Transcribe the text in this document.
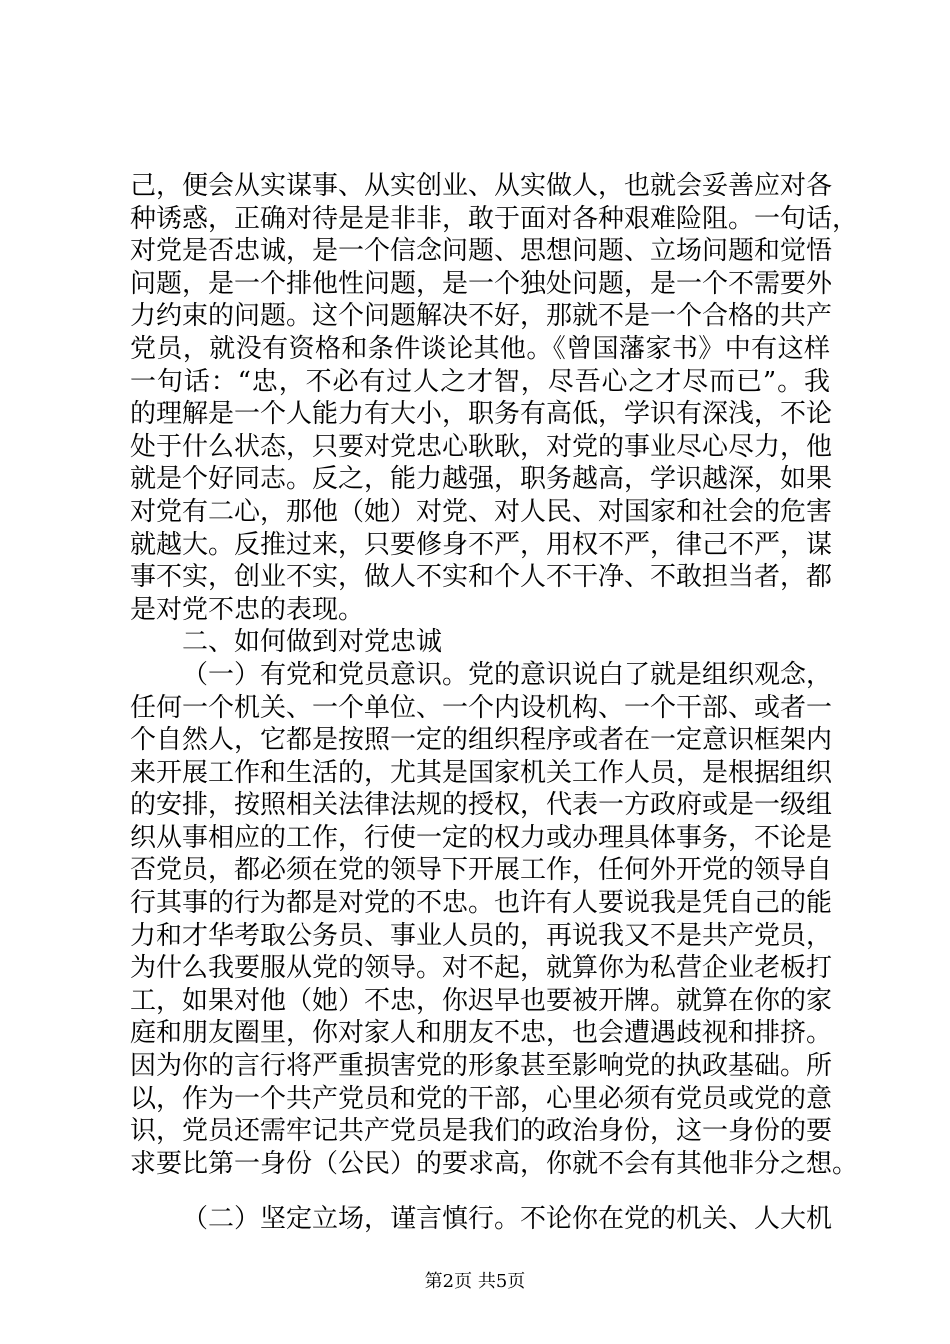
己，便会从实谋事、从实创业、从实做人，也就会妥善应对各
种诱惑，正确对待是是非非，敢于面对各种艰难险阻。一句话，
对党是否忠诚，是一个信念问题、思想问题、立场问题和觉悟
问题，是一个排他性问题，是一个独处问题，是一个不需要外
力约束的问题。这个问题解决不好，那就不是一个合格的共产
党员，就没有资格和条件谈论其他。《曾国藩家书》中有这样
一句话：“忠，不必有过人之才智，尽吾心之才尽而已”。我
的理解是一个人能力有大小，职务有高低，学识有深浅，不论
处于什么状态，只要对党忠心耿耿，对党的事业尽心尽力，他
就是个好同志。反之，能力越强，职务越高，学识越深，如果
对党有二心，那他（她）对党、对人民、对国家和社会的危害
就越大。反推过来，只要修身不严，用权不严，律己不严，谋
事不实，创业不实，做人不实和个人不干净、不敢担当者，都
是对党不忠的表现。
二、如何做到对党忠诚
（一）有党和党员意识。党的意识说白了就是组织观念，
任何一个机关、一个单位、一个内设机构、一个干部、或者一
个自然人，它都是按照一定的组织程序或者在一定意识框架内
来开展工作和生活的，尤其是国家机关工作人员，是根据组织
的安排，按照相关法律法规的授权，代表一方政府或是一级组
织从事相应的工作，行使一定的权力或办理具体事务，不论是
否党员，都必须在党的领导下开展工作，任何外开党的领导自
行其事的行为都是对党的不忠。也许有人要说我是凭自己的能
力和才华考取公务员、事业人员的，再说我又不是共产党员，
为什么我要服从党的领导。对不起，就算你为私营企业老板打
工，如果对他（她）不忠，你迟早也要被开牌。就算在你的家
庭和朋友圈里，你对家人和朋友不忠，也会遭遇歧视和排挤。
因为你的言行将严重损害党的形象甚至影响党的执政基础。所
以，作为一个共产党员和党的干部，心里必须有党员或党的意
识，党员还需牢记共产党员是我们的政治身份，这一身份的要
求要比第一身份（公民）的要求高，你就不会有其他非分之想。
（二）坚定立场，谨言慎行。不论你在党的机关、人大机
第2页 共5页
